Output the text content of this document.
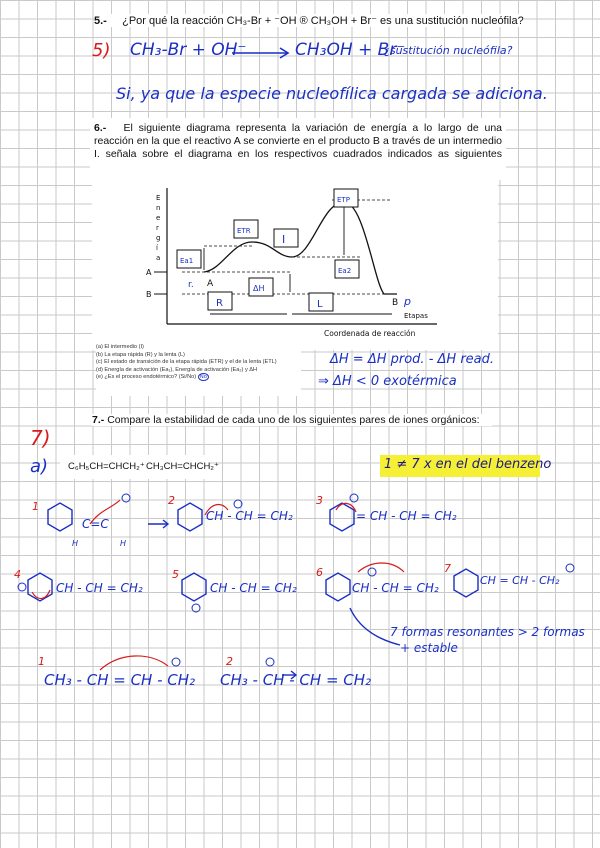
5.- ¿Por qué la reacción CH₃-Br + ⁻OH ® CH₃OH + Br⁻ es una sustitución nucleófila?
5) CH₃-Br + OH⁻ → CH₃OH + Br⁻
¿sustitución nucleófila?
Si, ya que la especie nucleofílica cargada se adiciona.
6.- El siguiente diagrama representa la variación de energía a lo largo de una reacción en la que el reactivo A se convierte en el producto B a través de un intermedio I. señala sobre el diagrama en los respectivos cuadrados indicados as siguientes
E
n
e
r
g
í
a
A
B
A
B
r.
p
Etapas
Coordenada de reacción
ETR
I
ETP
Ea1
Ea2
R
ΔH
L
(a) El intermedio (I)
(b) La etapa rápida (R) y la lenta (L)
(c) El estado de transición de la etapa rápida (ETR) y el de la lenta (ETL)
(d) Energía de activación (Ea₁), Energía de activación (Ea₂) y ΔH
(e) ¿Es el proceso endotérmico? (Si/No) No
ΔH = ΔH prod. - ΔH read.
⇒ ΔH < 0 exotérmica
7.- Compare la estabilidad de cada uno de los siguientes pares de iones orgánicos:
7)
a) C₆H₅CH=CHCH₂⁺ CH₃CH=CHCH₂⁺	1 ≠ 7 x en el del benzeno
1	2	3
4	5	6	7
1	2
C=C
H	H
CH - CH = CH₂	= CH - CH = CH₂
CH - CH = CH₂	CH - CH = CH₂	CH - CH = CH₂
CH = CH - CH₂
7 formas resonantes > 2 formas
+ estable
CH₃ - CH = CH - CH₂ CH₃ - CH - CH = CH₂
